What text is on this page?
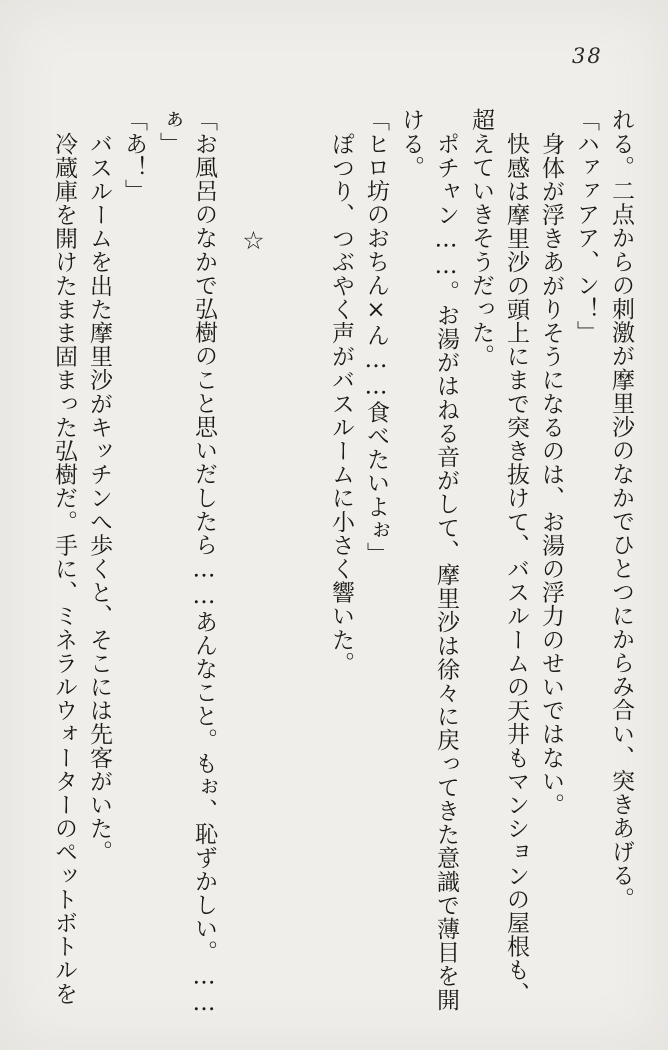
38

れる。二点からの刺激が摩里沙のなかでひとつにからみ合い、突きあげる。

「ハァァアア、ン！」

身体が浮きあがりそうになるのは、お湯の浮力のせいではない。

快感は摩里沙の頭上にまで突き抜けて、バスルームの天井もマンションの屋根も、超えていきそうだった。

ポチャン……。お湯がはねる音がして、摩里沙は徐々に戻ってきた意識で薄目を開ける。

「ヒロ坊のおちん×ん……食べたいよぉ」

ぽつり、つぶやく声がバスルームに小さく響いた。

☆

「お風呂のなかで弘樹のこと思いだしたら……あんなこと。もぉ、恥ずかしい。……ぁ」

「あ！」

バスルームを出た摩里沙がキッチンへ歩くと、そこには先客がいた。

冷蔵庫を開けたまま固まった弘樹だ。手に、ミネラルウォーターのペットボトルを
